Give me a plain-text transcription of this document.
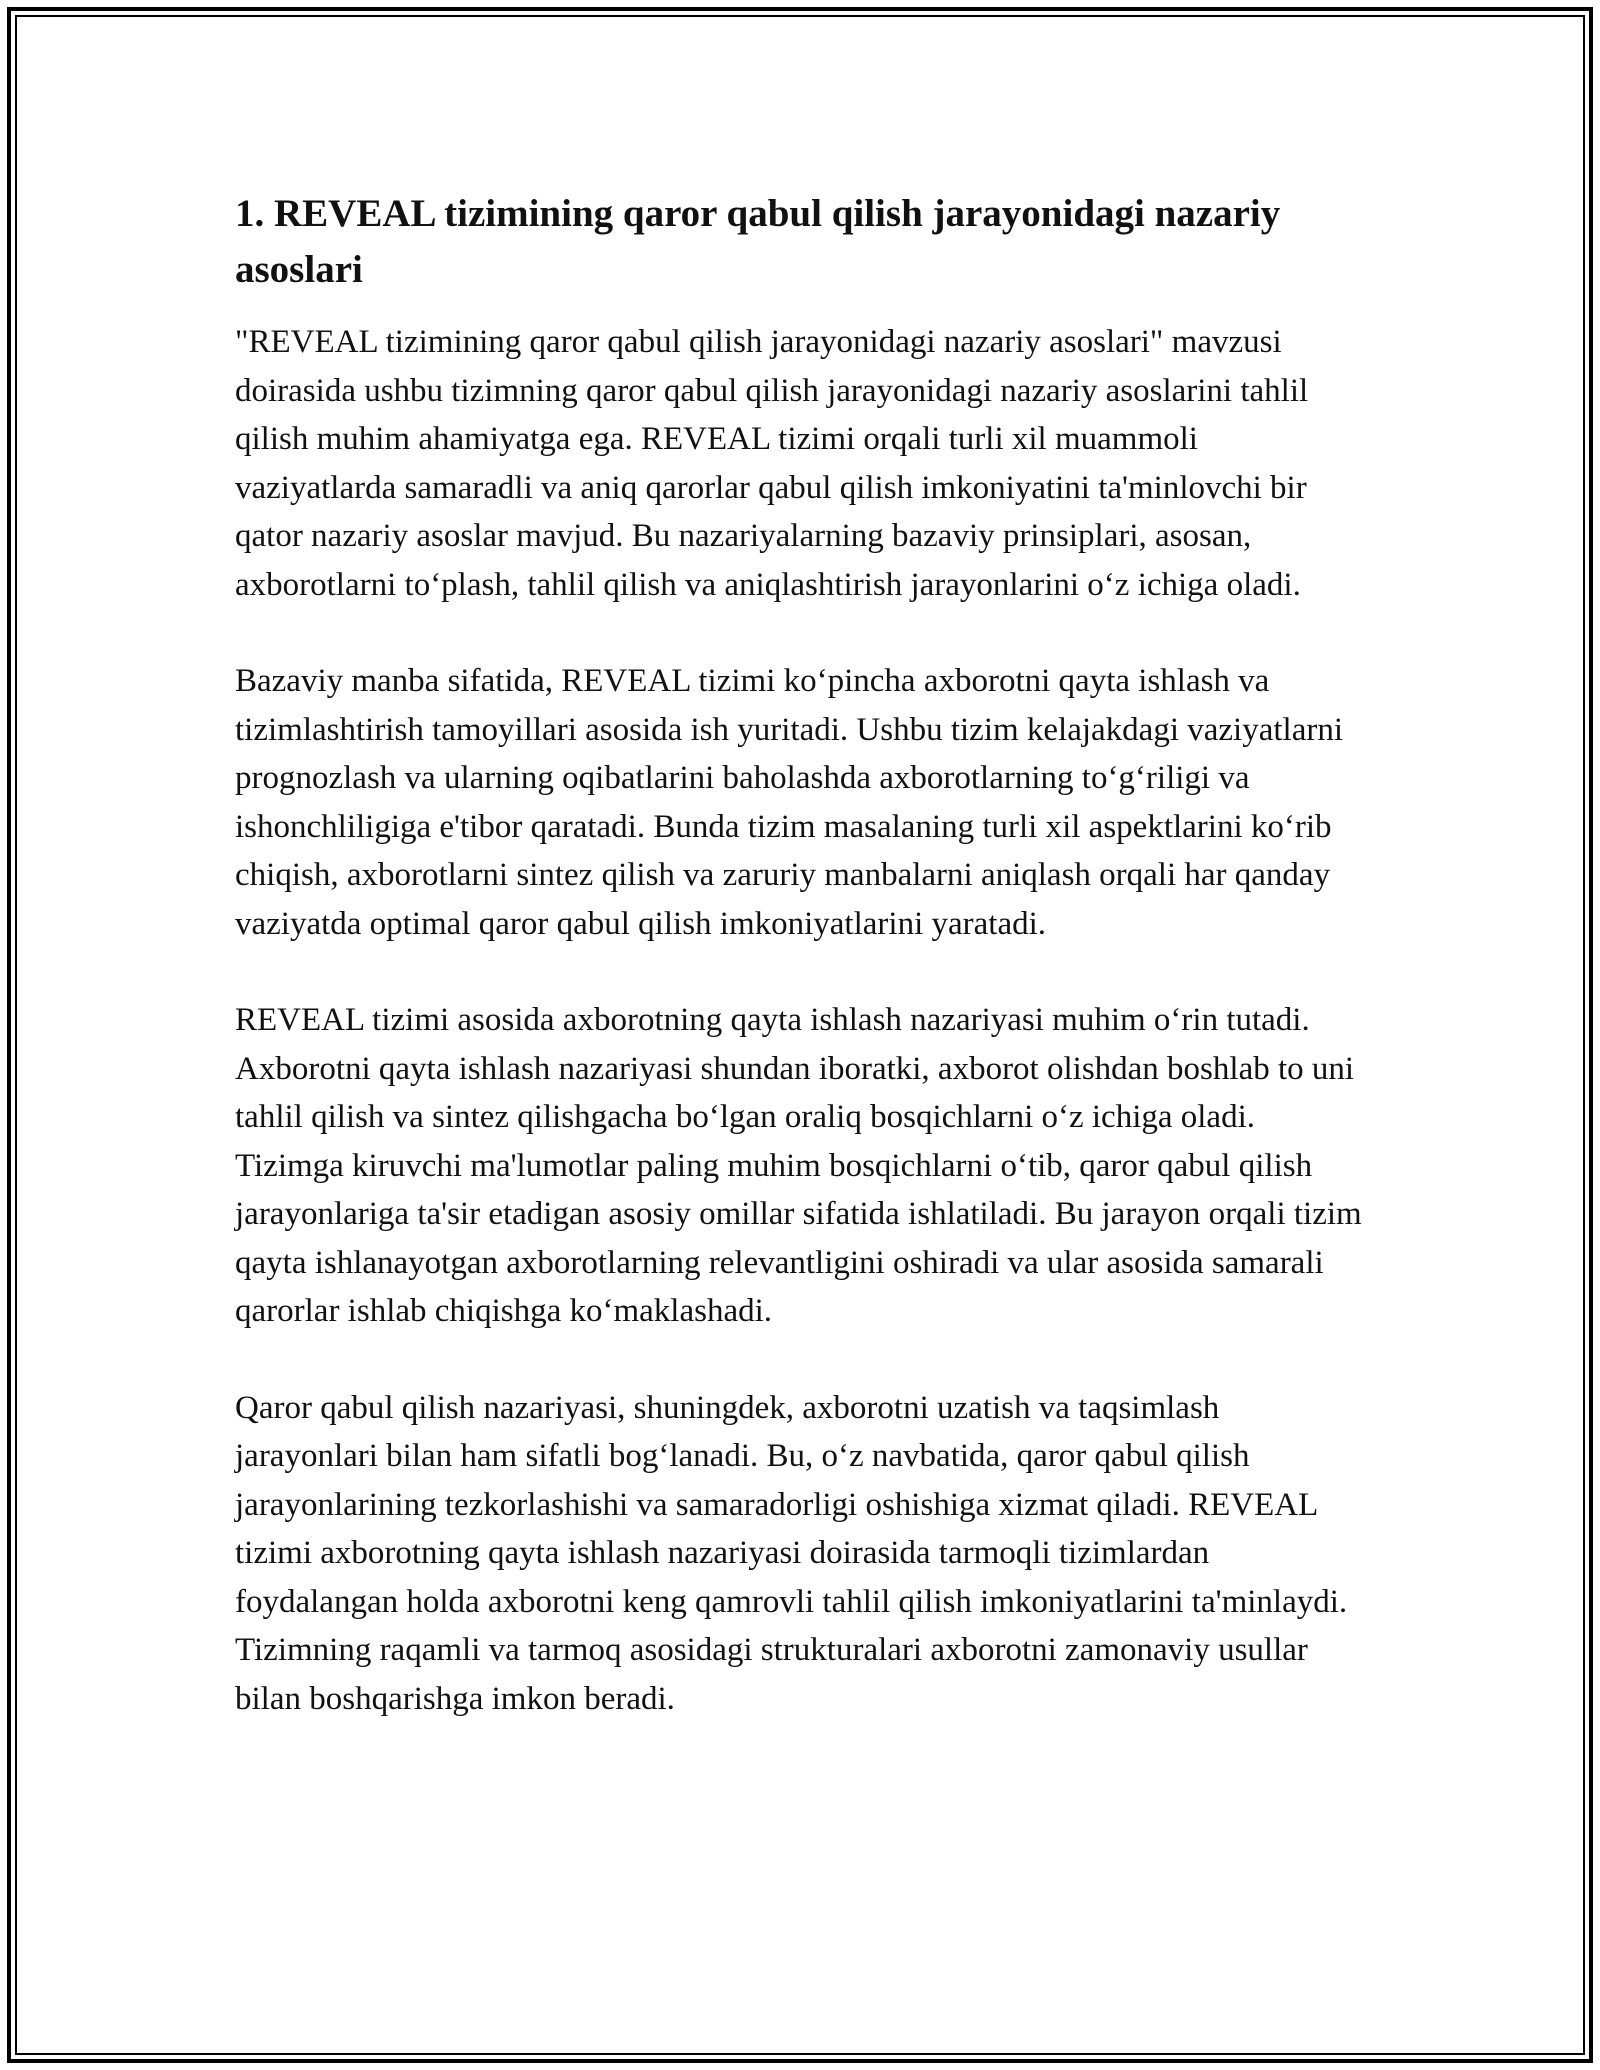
1. REVEAL tizimining qaror qabul qilish jarayonidagi nazariy asoslari

"REVEAL tizimining qaror qabul qilish jarayonidagi nazariy asoslari" mavzusi doirasida ushbu tizimning qaror qabul qilish jarayonidagi nazariy asoslarini tahlil qilish muhim ahamiyatga ega. REVEAL tizimi orqali turli xil muammoli vaziyatlarda samaradli va aniq qarorlar qabul qilish imkoniyatini ta'minlovchi bir qator nazariy asoslar mavjud. Bu nazariyalarning bazaviy prinsiplari, asosan, axborotlarni to‘plash, tahlil qilish va aniqlashtirish jarayonlarini o‘z ichiga oladi.

Bazaviy manba sifatida, REVEAL tizimi ko‘pincha axborotni qayta ishlash va tizimlashtirish tamoyillari asosida ish yuritadi. Ushbu tizim kelajakdagi vaziyatlarni prognozlash va ularning oqibatlarini baholashda axborotlarning to‘g‘riligi va ishonchliligiga e'tibor qaratadi. Bunda tizim masalaning turli xil aspektlarini ko‘rib chiqish, axborotlarni sintez qilish va zaruriy manbalarni aniqlash orqali har qanday vaziyatda optimal qaror qabul qilish imkoniyatlarini yaratadi.

REVEAL tizimi asosida axborotning qayta ishlash nazariyasi muhim o‘rin tutadi. Axborotni qayta ishlash nazariyasi shundan iboratki, axborot olishdan boshlab to uni tahlil qilish va sintez qilishgacha bo‘lgan oraliq bosqichlarni o‘z ichiga oladi. Tizimga kiruvchi ma'lumotlar paling muhim bosqichlarni o‘tib, qaror qabul qilish jarayonlariga ta'sir etadigan asosiy omillar sifatida ishlatiladi. Bu jarayon orqali tizim qayta ishlanayotgan axborotlarning relevantligini oshiradi va ular asosida samarali qarorlar ishlab chiqishga ko‘maklashadi.

Qaror qabul qilish nazariyasi, shuningdek, axborotni uzatish va taqsimlash jarayonlari bilan ham sifatli bog‘lanadi. Bu, o‘z navbatida, qaror qabul qilish jarayonlarining tezkorlashishi va samaradorligi oshishiga xizmat qiladi. REVEAL tizimi axborotning qayta ishlash nazariyasi doirasida tarmoqli tizimlardan foydalangan holda axborotni keng qamrovli tahlil qilish imkoniyatlarini ta'minlaydi. Tizimning raqamli va tarmoq asosidagi strukturalari axborotni zamonaviy usullar bilan boshqarishga imkon beradi.
